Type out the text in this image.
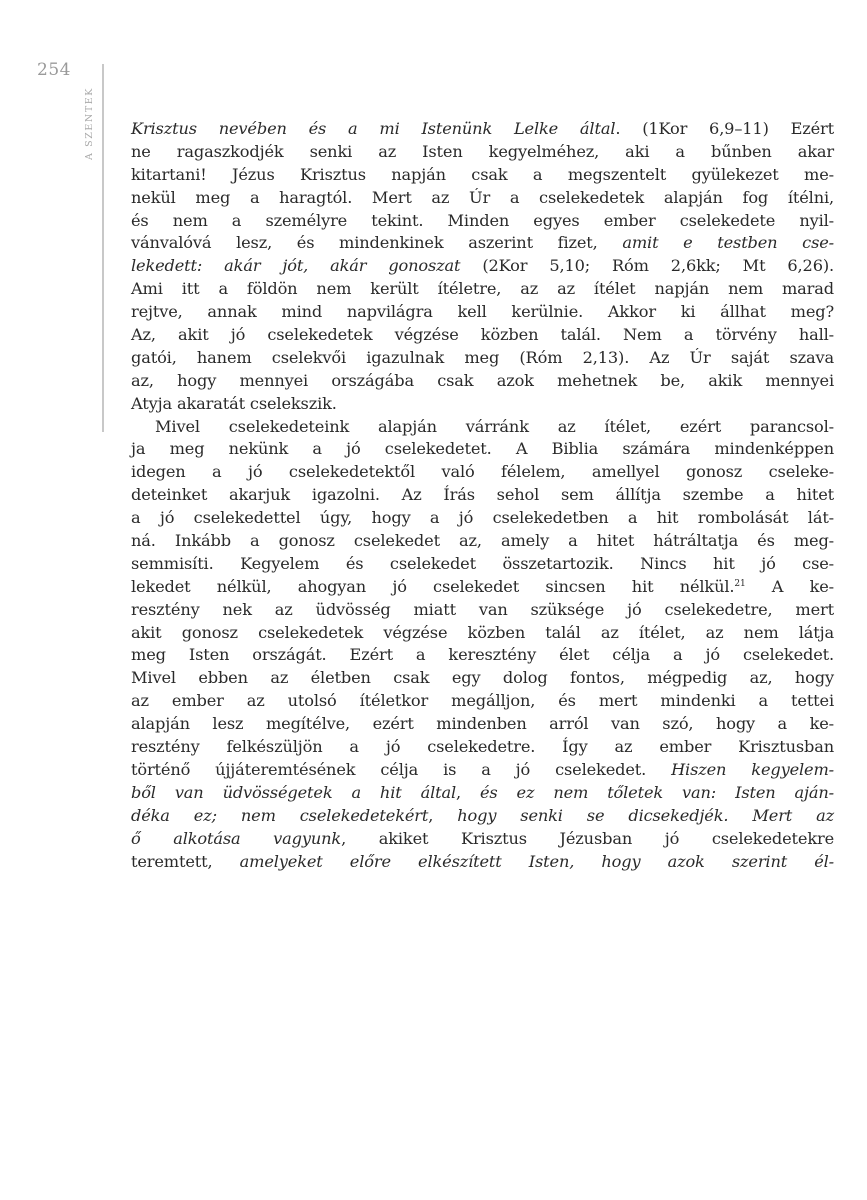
254
A SZENTEK Krisztus nevében és a mi Istenünk Lelke által. (1Kor 6,9–11) Ezért
ne ragaszkodjék senki az Isten kegyelméhez, aki a bűnben akar
kitartani! Jézus Krisztus napján csak a megszentelt gyülekezet me-
nekül meg a haragtól. Mert az Úr a cselekedetek alapján fog ítélni,
és nem a személyre tekint. Minden egyes ember cselekedete nyil-
vánvalóvá lesz, és mindenkinek aszerint fizet, amit e testben cse-
lekedett: akár jót, akár gonoszat (2Kor 5,10; Róm 2,6kk; Mt 6,26).
Ami itt a földön nem került ítéletre, az az ítélet napján nem marad
rejtve, annak mind napvilágra kell kerülnie. Akkor ki állhat meg?
Az, akit jó cselekedetek végzése közben talál. Nem a törvény hall-
gatói, hanem cselekvői igazulnak meg (Róm 2,13). Az Úr saját szava
az, hogy mennyei országába csak azok mehetnek be, akik mennyei
Atyja akaratát cselekszik.
Mivel cselekedeteink alapján várránk az ítélet, ezért parancsol-
ja meg nekünk a jó cselekedetet. A Biblia számára mindenképpen
idegen a jó cselekedetektől való félelem, amellyel gonosz cseleke-
deteinket akarjuk igazolni. Az Írás sehol sem állítja szembe a hitet
a jó cselekedettel úgy, hogy a jó cselekedetben a hit rombolását lát-
ná. Inkább a gonosz cselekedet az, amely a hitet hátráltatja és meg-
semmisíti. Kegyelem és cselekedet összetartozik. Nincs hit jó cse-
lekedet nélkül, ahogyan jó cselekedet sincsen hit nélkül.$^{21}$ A ke-
resztény nek az üdvösség miatt van szüksége jó cselekedetre, mert
akit gonosz cselekedetek végzése közben talál az ítélet, az nem látja
meg Isten országát. Ezért a keresztény élet célja a jó cselekedet.
Mivel ebben az életben csak egy dolog fontos, mégpedig az, hogy
az ember az utolsó ítéletkor megálljon, és mert mindenki a tettei
alapján lesz megítélve, ezért mindenben arról van szó, hogy a ke-
resztény felkészüljön a jó cselekedetre. Így az ember Krisztusban
történő újjáteremtésének célja is a jó cselekedet. Hiszen kegyelem-
ből van üdvösségetek a hit által, és ez nem tőletek van: Isten aján-
déka ez; nem cselekedetekért, hogy senki se dicsekedjék. Mert az
ő alkotása vagyunk, akiket Krisztus Jézusban jó cselekedetekre
teremtett, amelyeket előre elkészített Isten, hogy azok szerint él-
